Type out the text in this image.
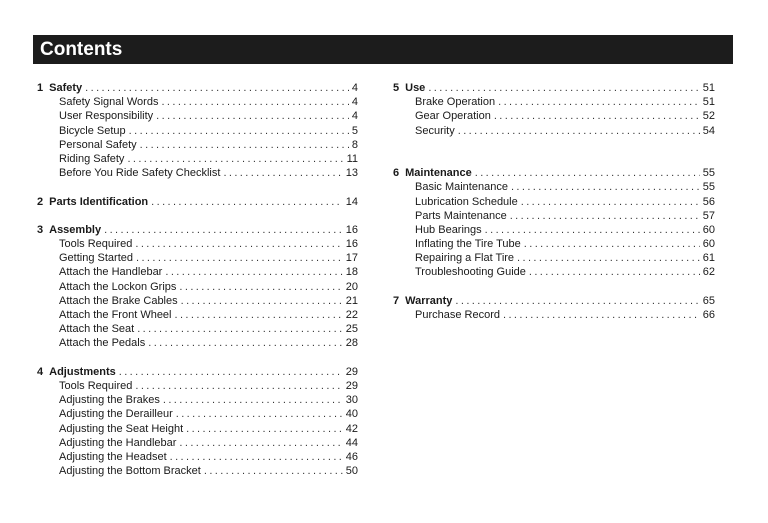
Contents
1 Safety .....	4
Safety Signal Words .....	4
User Responsibility .....	4
Bicycle Setup .....	5
Personal Safety .....	8
Riding Safety .....	11
Before You Ride Safety Checklist .....	13
2 Parts Identification .....	14
3 Assembly .....	16
Tools Required .....	16
Getting Started .....	17
Attach the Handlebar .....	18
Attach the Lockon Grips .....	20
Attach the Brake Cables .....	21
Attach the Front Wheel .....	22
Attach the Seat .....	25
Attach the Pedals .....	28
4 Adjustments .....	29
Tools Required .....	29
Adjusting the Brakes .....	30
Adjusting the Derailleur .....	40
Adjusting the Seat Height .....	42
Adjusting the Handlebar .....	44
Adjusting the Headset .....	46
Adjusting the Bottom Bracket .....	50
5 Use .....	51
Brake Operation .....	51
Gear Operation .....	52
Security .....	54
6 Maintenance .....	55
Basic Maintenance .....	55
Lubrication Schedule .....	56
Parts Maintenance .....	57
Hub Bearings .....	60
Inflating the Tire Tube .....	60
Repairing a Flat Tire .....	61
Troubleshooting Guide .....	62
7 Warranty .....	65
Purchase Record .....	66
